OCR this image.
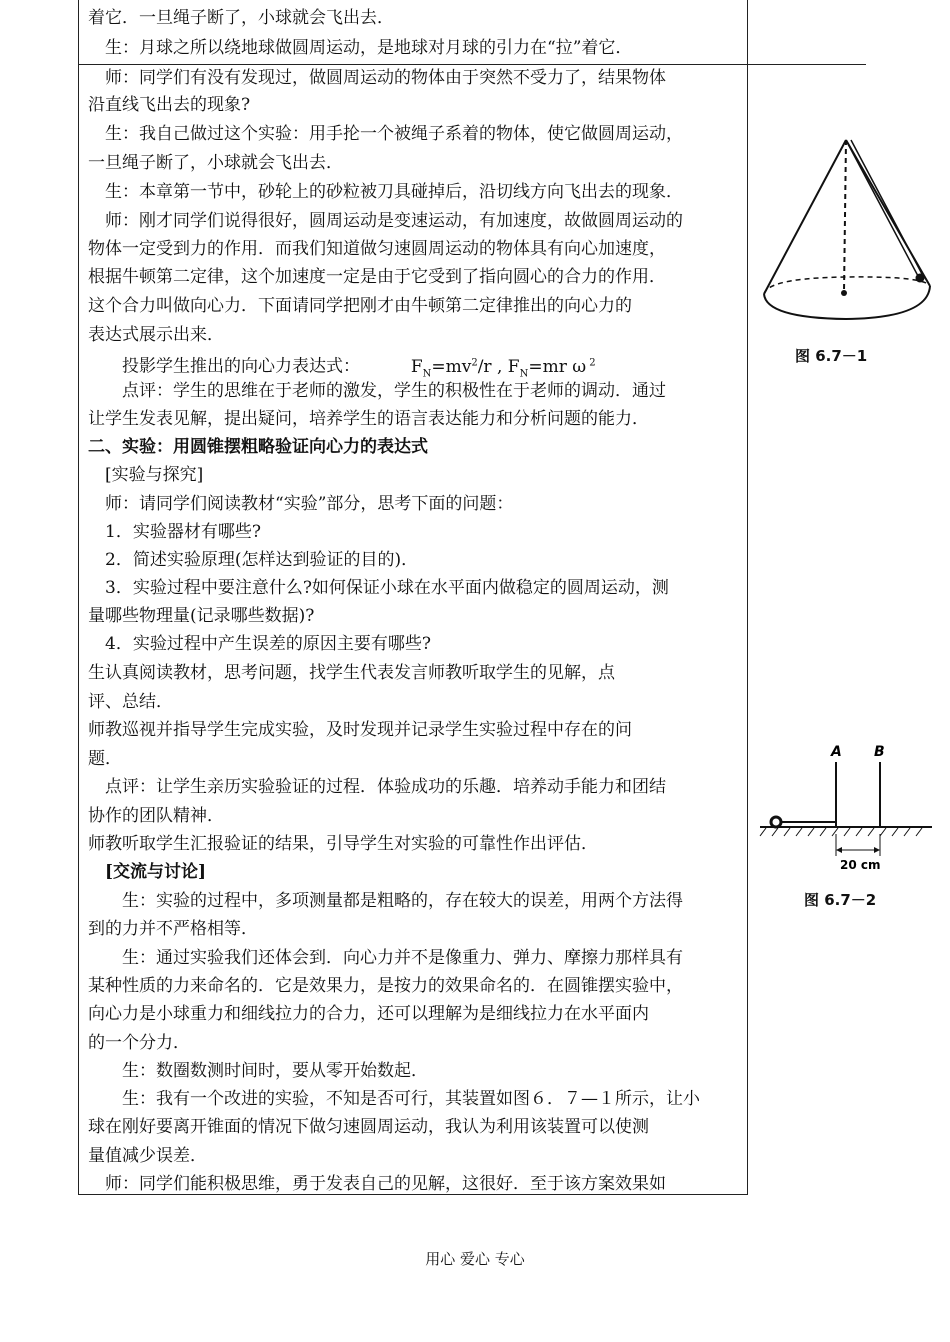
着它．一旦绳子断了，小球就会飞出去．
　生：月球之所以绕地球做圆周运动，是地球对月球的引力在“拉”着它．
　师：同学们有没有发现过，做圆周运动的物体由于突然不受力了，结果物体
沿直线飞出去的现象?
　生：我自己做过这个实验：用手抡一个被绳子系着的物体，使它做圆周运动，
一旦绳子断了，小球就会飞出去．
　生：本章第一节中，砂轮上的砂粒被刀具碰掉后，沿切线方向飞出去的现象．
　师：刚才同学们说得很好，圆周运动是变速运动，有加速度，故做圆周运动的
物体一定受到力的作用．而我们知道做匀速圆周运动的物体具有向心加速度，
根据牛顿第二定律，这个加速度一定是由于它受到了指向圆心的合力的作用．
这个合力叫做向心力．下面请同学把刚才由牛顿第二定律推出的向心力的
表达式展示出来．
　　投影学生推出的向心力表达式：	$F_N=mv^2/r$ , $F_N=mr$ ω $^2$
　　点评：学生的思维在于老师的激发，学生的积极性在于老师的调动．通过
让学生发表见解，提出疑问，培养学生的语言表达能力和分析问题的能力．
二、实验：用圆锥摆粗略验证向心力的表达式
　[实验与探究]
　师：请同学们阅读教材“实验”部分，思考下面的问题：
　1．实验器材有哪些?
　2．简述实验原理(怎样达到验证的目的)．
　3．实验过程中要注意什么?如何保证小球在水平面内做稳定的圆周运动，测
量哪些物理量(记录哪些数据)?
　4．实验过程中产生误差的原因主要有哪些?
生认真阅读教材，思考问题，找学生代表发言师教听取学生的见解，点
评、总结．
师教巡视并指导学生完成实验，及时发现并记录学生实验过程中存在的问
题．
　点评：让学生亲历实验验证的过程．体验成功的乐趣．培养动手能力和团结
协作的团队精神．
师教听取学生汇报验证的结果，引导学生对实验的可靠性作出评估．
　[交流与讨论]
　　生：实验的过程中，多项测量都是粗略的，存在较大的误差，用两个方法得
到的力并不严格相等．
　　生：通过实验我们还体会到．向心力并不是像重力、弹力、摩擦力那样具有
某种性质的力来命名的．它是效果力，是按力的效果命名的．在圆锥摆实验中，
向心力是小球重力和细线拉力的合力，还可以理解为是细线拉力在水平面内
的一个分力．
　　生：数圈数测时间时，要从零开始数起．
　　生：我有一个改进的实验，不知是否可行，其装置如图６．７—１所示，让小
球在刚好要离开锥面的情况下做匀速圆周运动，我认为利用该装置可以使测
量值减少误差．
　师：同学们能积极思维，勇于发表自己的见解，这很好．至于该方案效果如
图 6.7－1
A B
20 cm
图 6.7－2
用心 爱心 专心
